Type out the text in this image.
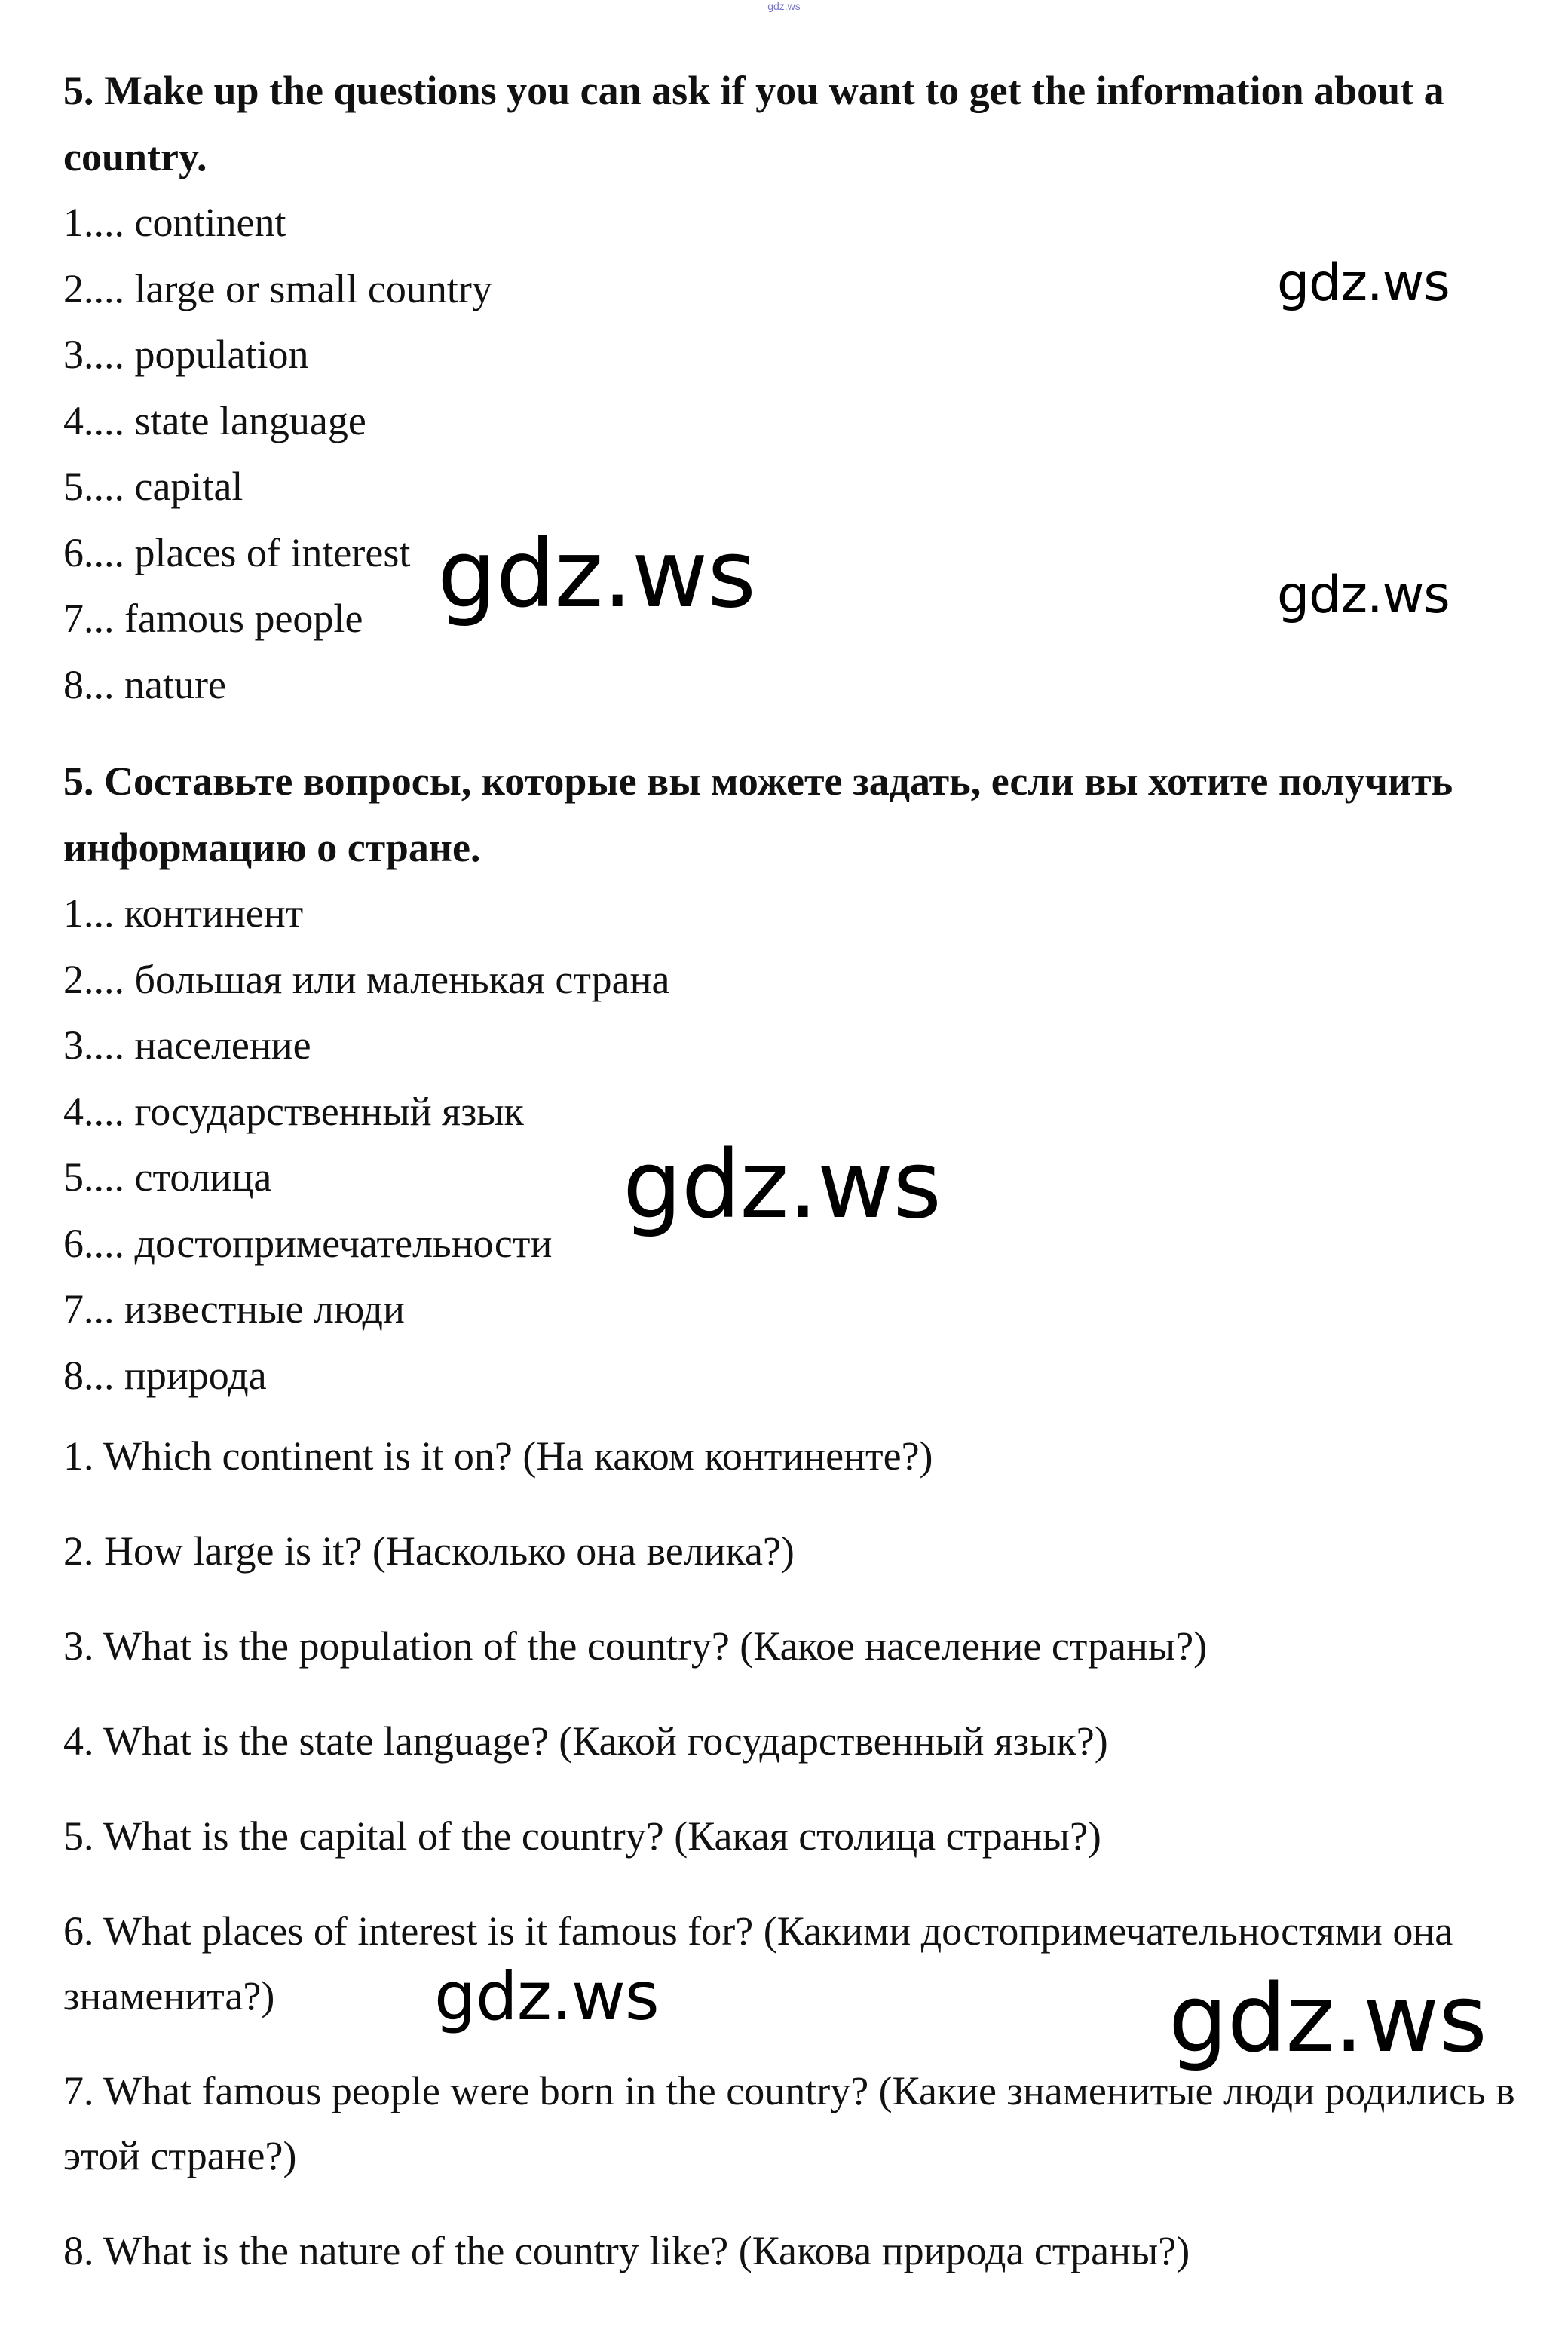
gdz.ws

5. Make up the questions you can ask if you want to get the information about a country.

1.... continent
2.... large or small country
3.... population
4.... state language
5.... capital
6.... places of interest
7... famous people
8... nature

5. Составьте вопросы, которые вы можете задать, если вы хотите получить информацию о стране.

1... континент
2.... большая или маленькая страна
3.... население
4.... государственный язык
5.... столица
6.... достопримечательности
7... известные люди
8... природа
1. Which continent is it on? (На каком континенте?)
2. How large is it? (Насколько она велика?)
3. What is the population of the country? (Какое население страны?)
4. What is the state language? (Какой государственный язык?)
5. What is the capital of the country? (Какая столица страны?)
6. What places of interest is it famous for? (Какими достопримечательностями она знаменита?)
7. What famous people were born in the country? (Какие знаменитые люди родились в этой стране?)
8. What is the nature of the country like? (Какова природа страны?)
gdz.ws
gdz.ws	gdz.ws
gdz.ws
gdz.ws	gdz.ws
